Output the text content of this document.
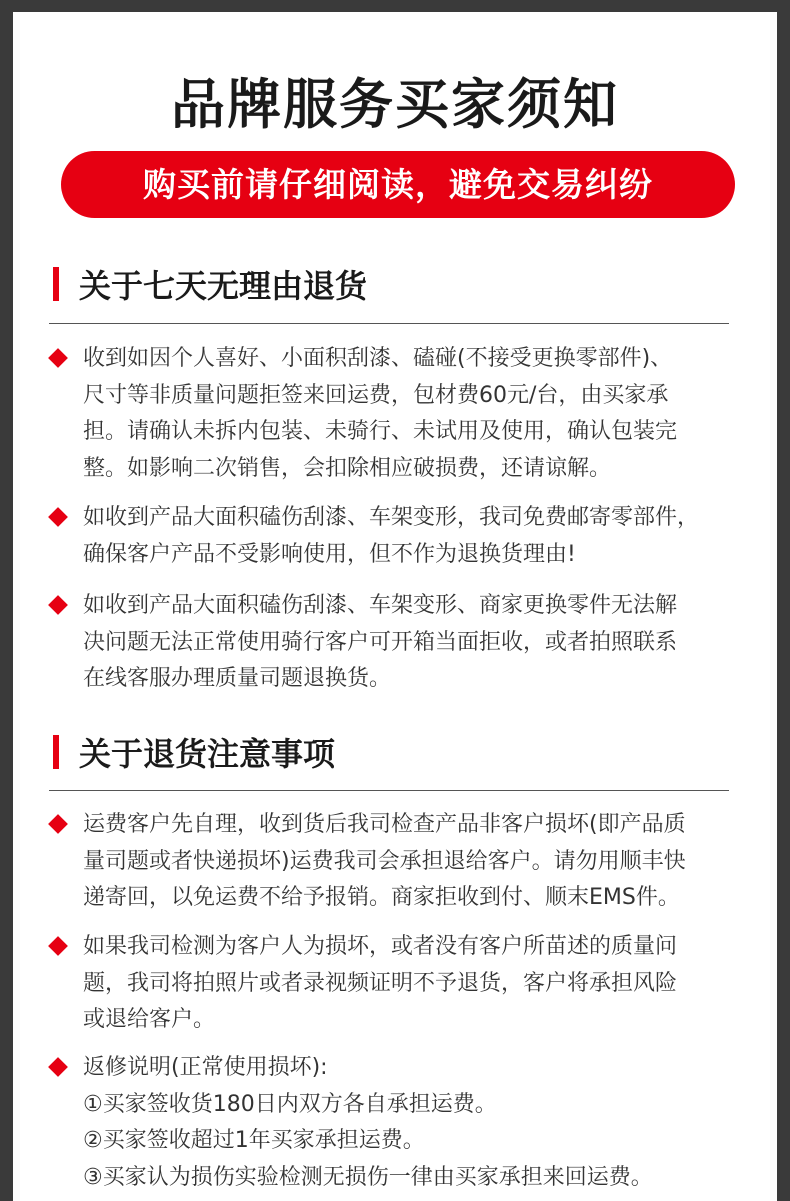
品牌服务买家须知
购买前请仔细阅读，避免交易纠纷
关于七天无理由退货
收到如因个人喜好、小面积刮漆、磕碰(不接受更换零部件)、
尺寸等非质量问题拒签来回运费，包材费60元/台，由买家承
担。请确认未拆内包装、未骑行、未试用及使用，确认包装完
整。如影响二次销售，会扣除相应破损费，还请谅解。
如收到产品大面积磕伤刮漆、车架变形，我司免费邮寄零部件，
确保客户产品不受影响使用，但不作为退换货理由!
如收到产品大面积磕伤刮漆、车架变形、商家更换零件无法解
决问题无法正常使用骑行客户可开箱当面拒收，或者拍照联系
在线客服办理质量司题退换货。
关于退货注意事项
运费客户先自理，收到货后我司检查产品非客户损坏(即产品质
量司题或者快递损坏)运费我司会承担退给客户。请勿用顺丰快
递寄回，以免运费不给予报销。商家拒收到付、顺末EMS件。
如果我司检测为客户人为损坏，或者没有客户所苗述的质量问
题，我司将拍照片或者录视频证明不予退货，客户将承担风险
或退给客户。
返修说明(正常使用损坏):
①买家签收货180日内双方各自承担运费。
②买家签收超过1年买家承担运费。
③买家认为损伤实验检测无损伤一律由买家承担来回运费。
